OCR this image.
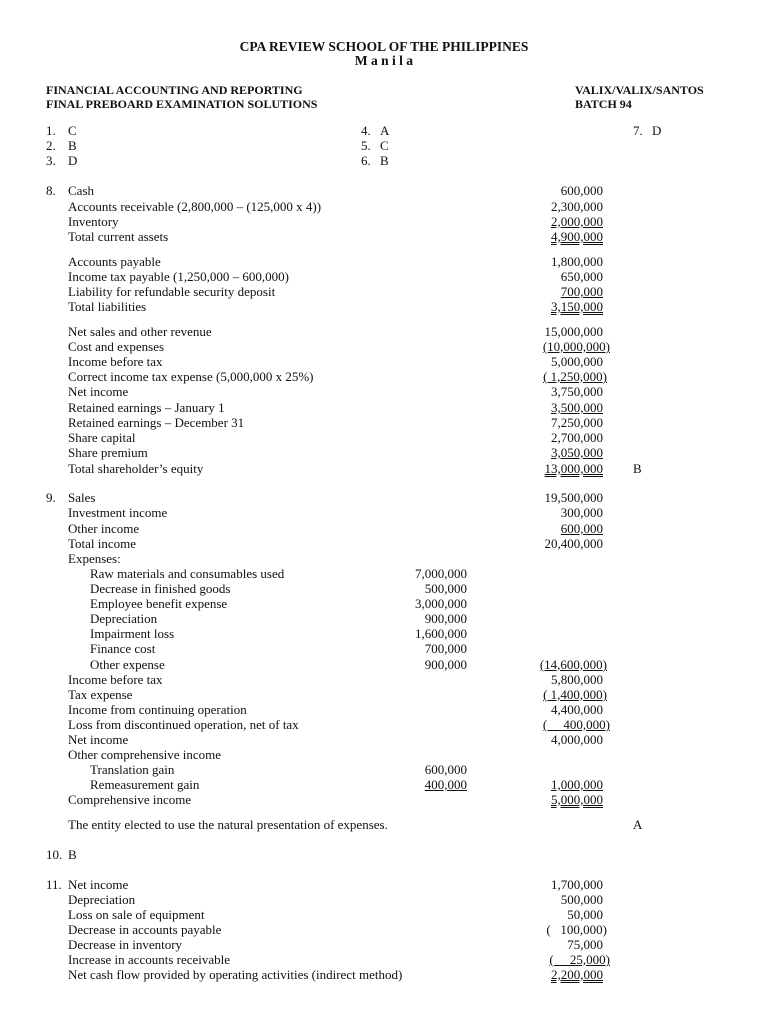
CPA REVIEW SCHOOL OF THE PHILIPPINES
M a n i l a
FINANCIAL ACCOUNTING AND REPORTING
FINAL PREBOARD EXAMINATION SOLUTIONS
VALIX/VALIX/SANTOS
BATCH 94
1. C
2. B
3. D
4. A
5. C
6. B
7. D
8. Cash	600,000
Accounts receivable (2,800,000 – (125,000 x 4))	2,300,000
Inventory	2,000,000
Total current assets	4,900,000
Accounts payable	1,800,000
Income tax payable (1,250,000 – 600,000)	650,000
Liability for refundable security deposit	700,000
Total liabilities	3,150,000
Net sales and other revenue	15,000,000
Cost and expenses	(10,000,000)
Income before tax	5,000,000
Correct income tax expense (5,000,000 x 25%)	( 1,250,000)
Net income	3,750,000
Retained earnings – January 1	3,500,000
Retained earnings – December 31	7,250,000
Share capital	2,700,000
Share premium	3,050,000
Total shareholder’s equity	13,000,000 B
9. Sales	19,500,000
Investment income	300,000
Other income	600,000
Total income	20,400,000
Expenses:
Raw materials and consumables used	7,000,000
Decrease in finished goods	500,000
Employee benefit expense	3,000,000
Depreciation	900,000
Impairment loss	1,600,000
Finance cost	700,000
Other expense	900,000	(14,600,000)
Income before tax	5,800,000
Tax expense	( 1,400,000)
Income from continuing operation	4,400,000
Loss from discontinued operation, net of tax	(     400,000)
Net income	4,000,000
Other comprehensive income
Translation gain	600,000
Remeasurement gain	400,000	1,000,000
Comprehensive income	5,000,000
The entity elected to use the natural presentation of expenses.	A
10. B
11. Net income	1,700,000
Depreciation	500,000
Loss on sale of equipment	50,000
Decrease in accounts payable	(   100,000)
Decrease in inventory	75,000
Increase in accounts receivable	(     25,000)
Net cash flow provided by operating activities (indirect method)	2,200,000
